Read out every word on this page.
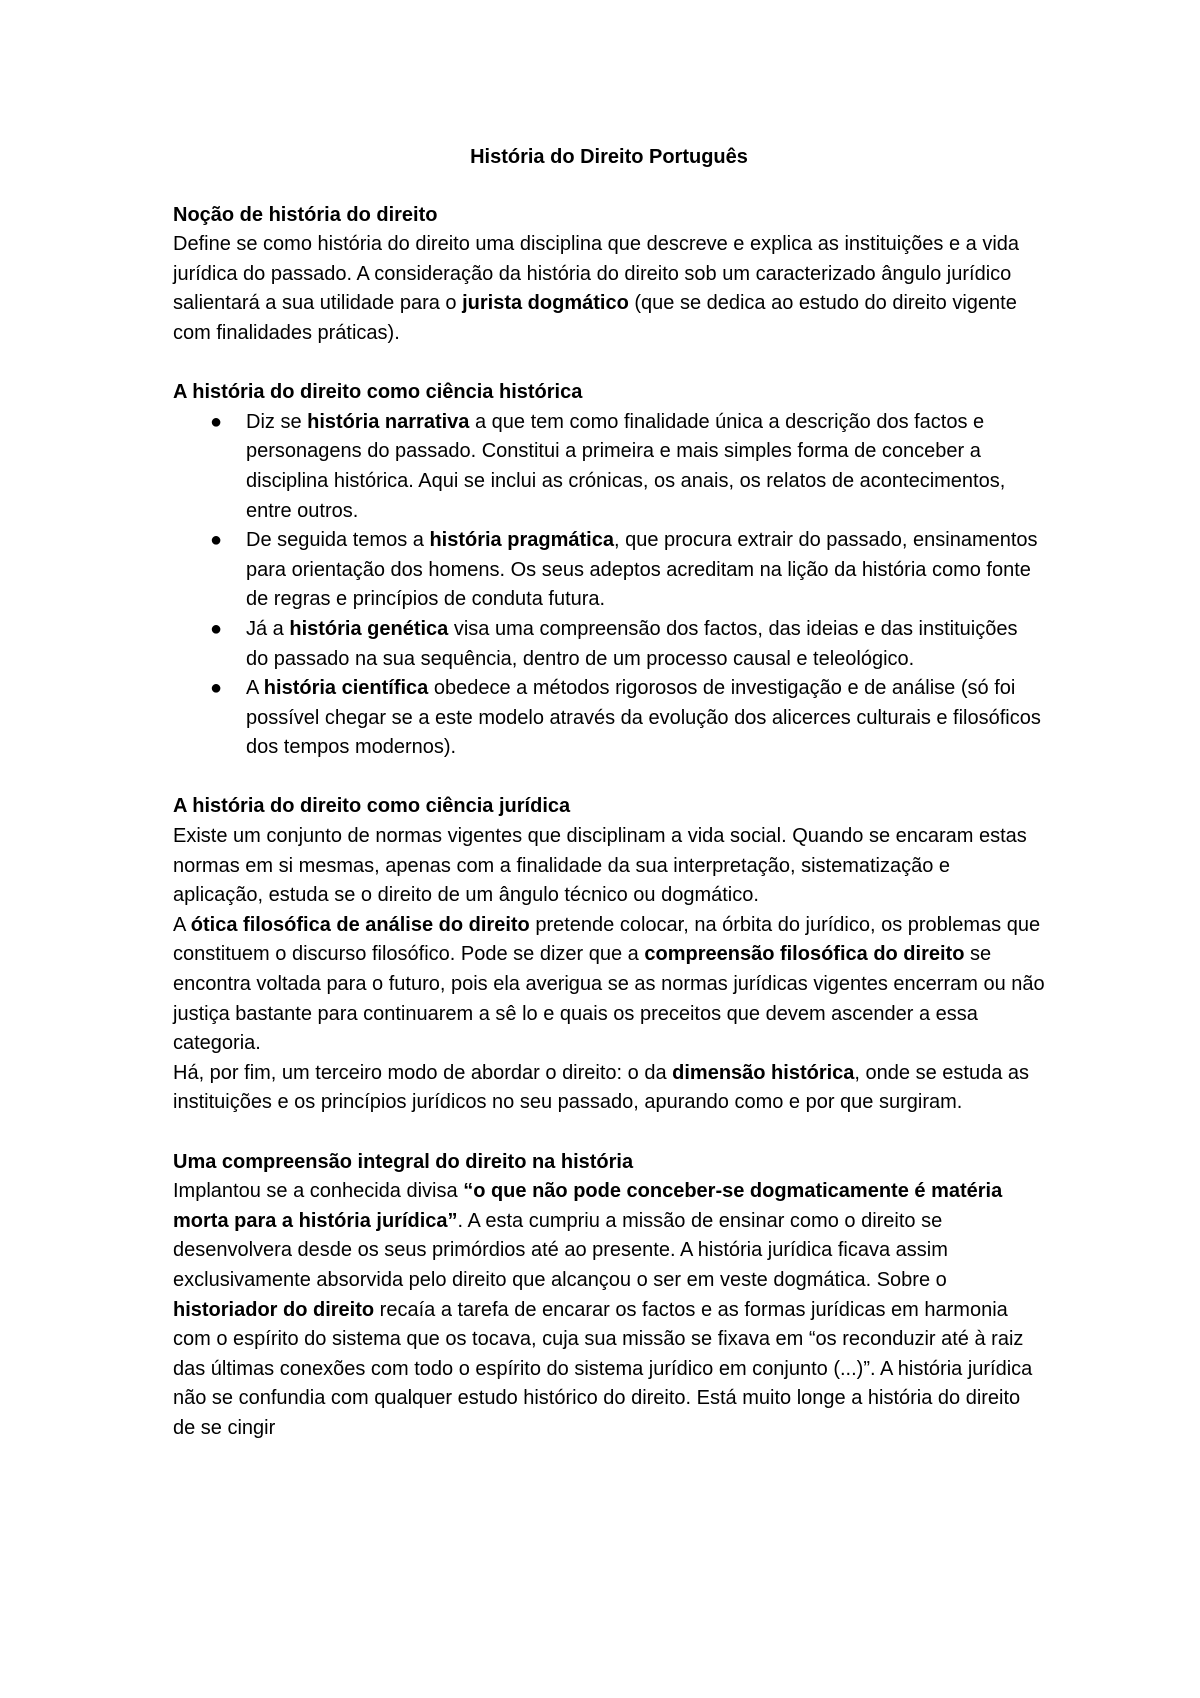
História do Direito Português
Noção de história do direito

Define se como história do direito uma disciplina que descreve e explica as instituições e a vida jurídica do passado. A consideração da história do direito sob um caracterizado ângulo jurídico salientará a sua utilidade para o jurista dogmático (que se dedica ao estudo do direito vigente com finalidades práticas).

A história do direito como ciência histórica
● Diz se história narrativa a que tem como finalidade única a descrição dos factos e personagens do passado. Constitui a primeira e mais simples forma de conceber a disciplina histórica. Aqui se inclui as crónicas, os anais, os relatos de acontecimentos, entre outros.
● De seguida temos a história pragmática, que procura extrair do passado, ensinamentos para orientação dos homens. Os seus adeptos acreditam na lição da história como fonte de regras e princípios de conduta futura.
● Já a história genética visa uma compreensão dos factos, das ideias e das instituições do passado na sua sequência, dentro de um processo causal e teleológico.
● A história científica obedece a métodos rigorosos de investigação e de análise (só foi possível chegar se a este modelo através da evolução dos alicerces culturais e filosóficos dos tempos modernos).
A história do direito como ciência jurídica

Existe um conjunto de normas vigentes que disciplinam a vida social. Quando se encaram estas normas em si mesmas, apenas com a finalidade da sua interpretação, sistematização e aplicação, estuda se o direito de um ângulo técnico ou dogmático.

A ótica filosófica de análise do direito pretende colocar, na órbita do jurídico, os problemas que constituem o discurso filosófico. Pode se dizer que a compreensão filosófica do direito se encontra voltada para o futuro, pois ela averigua se as normas jurídicas vigentes encerram ou não justiça bastante para continuarem a sê lo e quais os preceitos que devem ascender a essa categoria.

Há, por fim, um terceiro modo de abordar o direito: o da dimensão histórica, onde se estuda as instituições e os princípios jurídicos no seu passado, apurando como e por que surgiram.

Uma compreensão integral do direito na história

Implantou se a conhecida divisa “o que não pode conceber-se dogmaticamente é matéria morta para a história jurídica”. A esta cumpriu a missão de ensinar como o direito se desenvolvera desde os seus primórdios até ao presente. A história jurídica ficava assim exclusivamente absorvida pelo direito que alcançou o ser em veste dogmática. Sobre o historiador do direito recaía a tarefa de encarar os factos e as formas jurídicas em harmonia com o espírito do sistema que os tocava, cuja sua missão se fixava em “os reconduzir até à raiz das últimas conexões com todo o espírito do sistema jurídico em conjunto (...)”. A história jurídica não se confundia com qualquer estudo histórico do direito. Está muito longe a história do direito de se cingir
